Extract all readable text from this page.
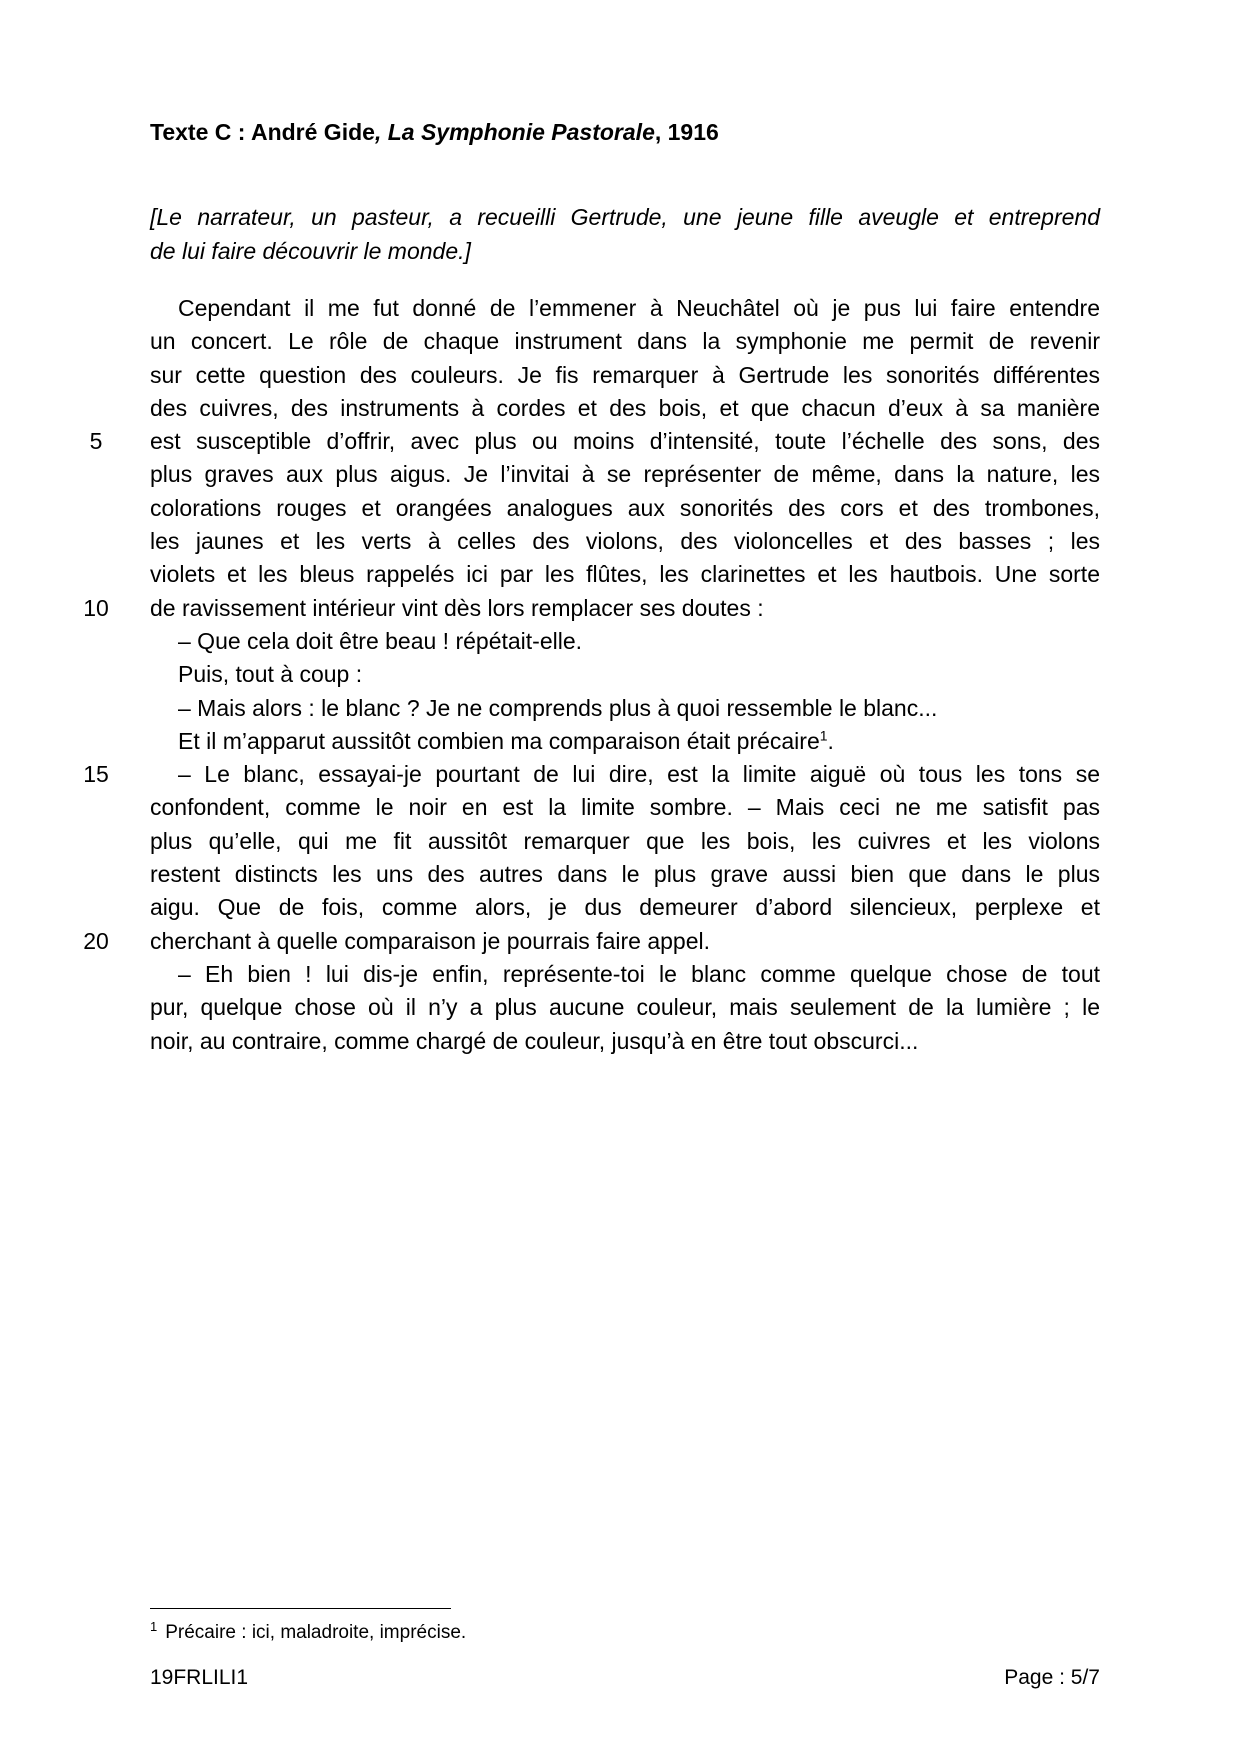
Texte C : André Gide, La Symphonie Pastorale, 1916
[Le narrateur, un pasteur, a recueilli Gertrude, une jeune fille aveugle et entreprend
de lui faire découvrir le monde.]
Cependant il me fut donné de l’emmener à Neuchâtel où je pus lui faire entendre
un concert. Le rôle de chaque instrument dans la symphonie me permit de revenir
sur cette question des couleurs. Je fis remarquer à Gertrude les sonorités différentes
des cuivres, des instruments à cordes et des bois, et que chacun d’eux à sa manière
est susceptible d’offrir, avec plus ou moins d’intensité, toute l’échelle des sons, des
plus graves aux plus aigus. Je l’invitai à se représenter de même, dans la nature, les
colorations rouges et orangées analogues aux sonorités des cors et des trombones,
les jaunes et les verts à celles des violons, des violoncelles et des basses ; les
violets et les bleus rappelés ici par les flûtes, les clarinettes et les hautbois. Une sorte
de ravissement intérieur vint dès lors remplacer ses doutes :
– Que cela doit être beau ! répétait-elle.
Puis, tout à coup :
– Mais alors : le blanc ? Je ne comprends plus à quoi ressemble le blanc...
Et il m’apparut aussitôt combien ma comparaison était précaire$^1$.
– Le blanc, essayai-je pourtant de lui dire, est la limite aiguë où tous les tons se
confondent, comme le noir en est la limite sombre. – Mais ceci ne me satisfit pas
plus qu’elle, qui me fit aussitôt remarquer que les bois, les cuivres et les violons
restent distincts les uns des autres dans le plus grave aussi bien que dans le plus
aigu. Que de fois, comme alors, je dus demeurer d’abord silencieux, perplexe et
cherchant à quelle comparaison je pourrais faire appel.
– Eh bien ! lui dis-je enfin, représente-toi le blanc comme quelque chose de tout
pur, quelque chose où il n’y a plus aucune couleur, mais seulement de la lumière ; le
noir, au contraire, comme chargé de couleur, jusqu’à en être tout obscurci...
5
10
15
20
$^1$ Précaire : ici, maladroite, imprécise.
19FRLILI1	Page : 5/7
